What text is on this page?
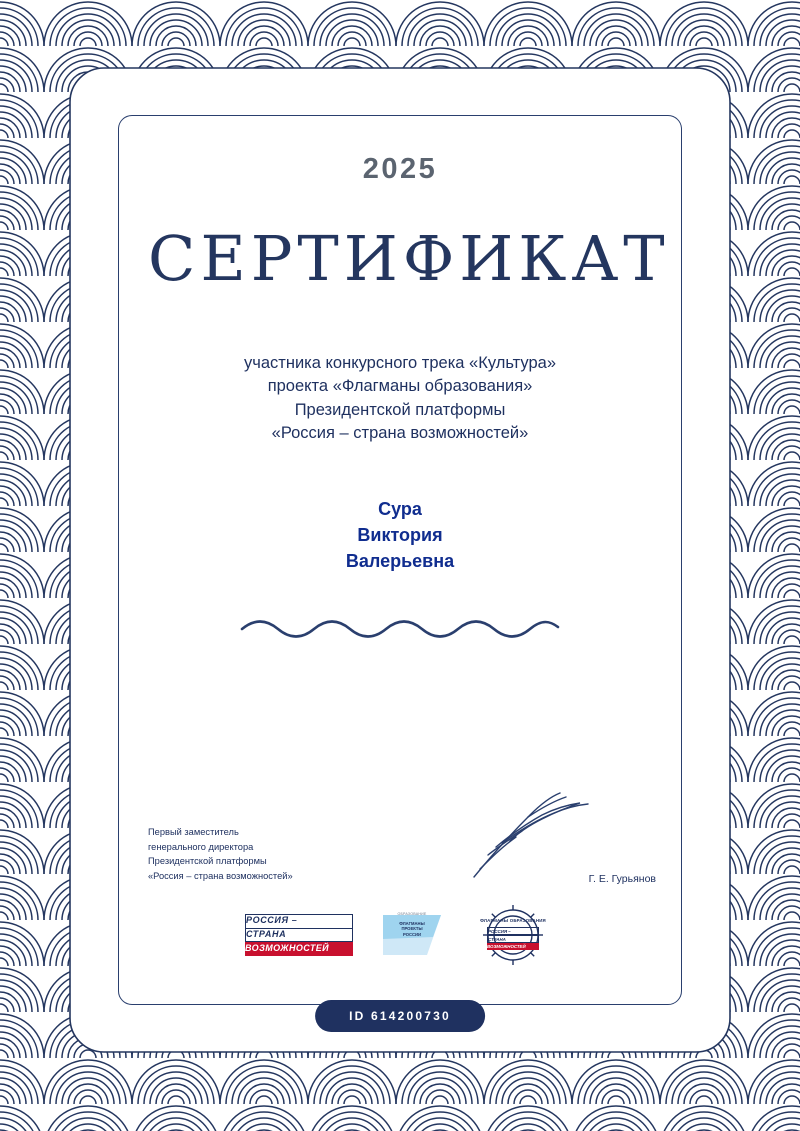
2025
СЕРТИФИКАТ
участника конкурсного трека «Культура»
проекта «Флагманы образования»
Президентской платформы
«Россия – страна возможностей»
Сура
Виктория
Валерьевна
Первый заместитель
генерального директора
Президентской платформы
«Россия – страна возможностей»	Г. Е. Гурьянов
РОССИЯ –
СТРАНА
ВОЗМОЖНОСТЕЙ
ОБРАЗОВАНИЕ
ФЛАГМАНЫ
ПРОЕКТЫ
РОССИИ
ФЛАГМАНЫ ОБРАЗОВАНИЯ
РОССИЯ –
СТРАНА
ВОЗМОЖНОСТЕЙ
ID 614200730
